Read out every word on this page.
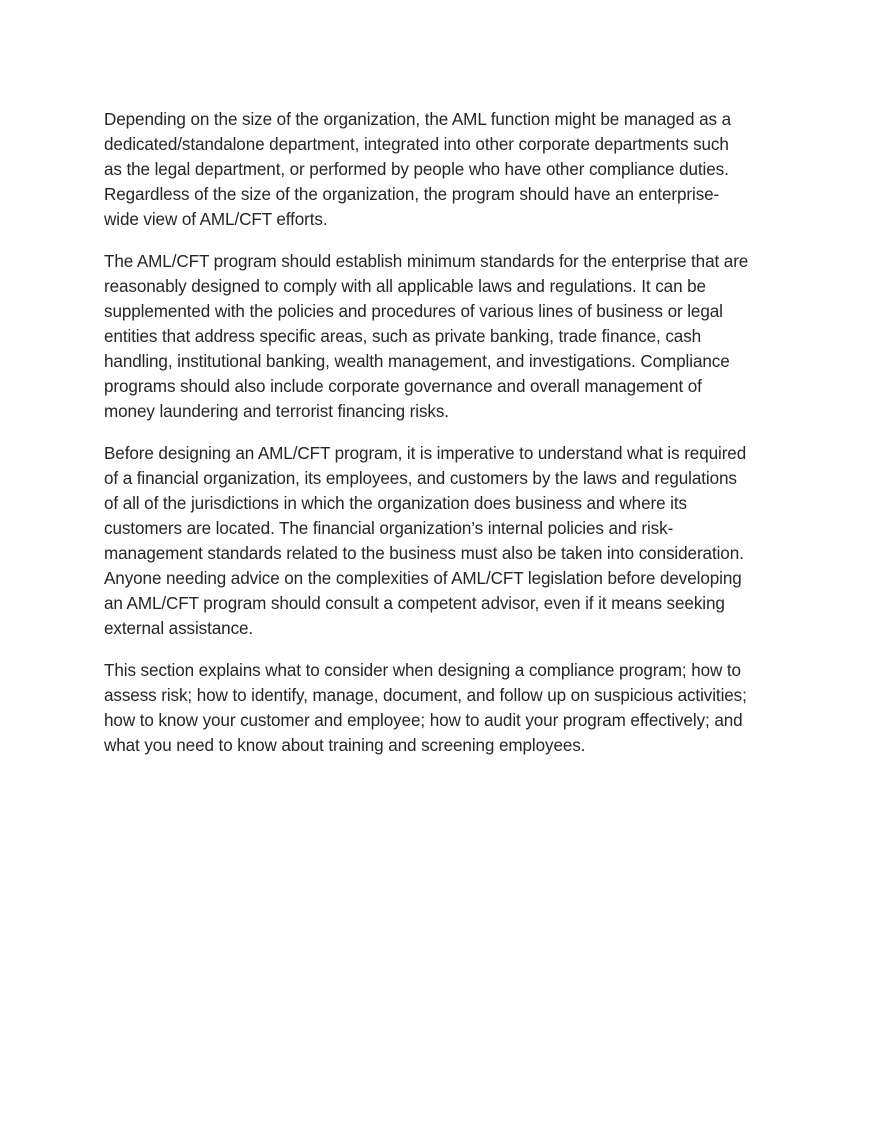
Depending on the size of the organization, the AML function might be managed as a dedicated/standalone department, integrated into other corporate departments such as the legal department, or performed by people who have other compliance duties. Regardless of the size of the organization, the program should have an enterprise-wide view of AML/CFT efforts.

The AML/CFT program should establish minimum standards for the enterprise that are reasonably designed to comply with all applicable laws and regulations. It can be supplemented with the policies and procedures of various lines of business or legal entities that address specific areas, such as private banking, trade finance, cash handling, institutional banking, wealth management, and investigations. Compliance programs should also include corporate governance and overall management of money laundering and terrorist financing risks.

Before designing an AML/CFT program, it is imperative to understand what is required of a financial organization, its employees, and customers by the laws and regulations of all of the jurisdictions in which the organization does business and where its customers are located. The financial organization’s internal policies and risk-management standards related to the business must also be taken into consideration. Anyone needing advice on the complexities of AML/CFT legislation before developing an AML/CFT program should consult a competent advisor, even if it means seeking external assistance.

This section explains what to consider when designing a compliance program; how to assess risk; how to identify, manage, document, and follow up on suspicious activities; how to know your customer and employee; how to audit your program effectively; and what you need to know about training and screening employees.
